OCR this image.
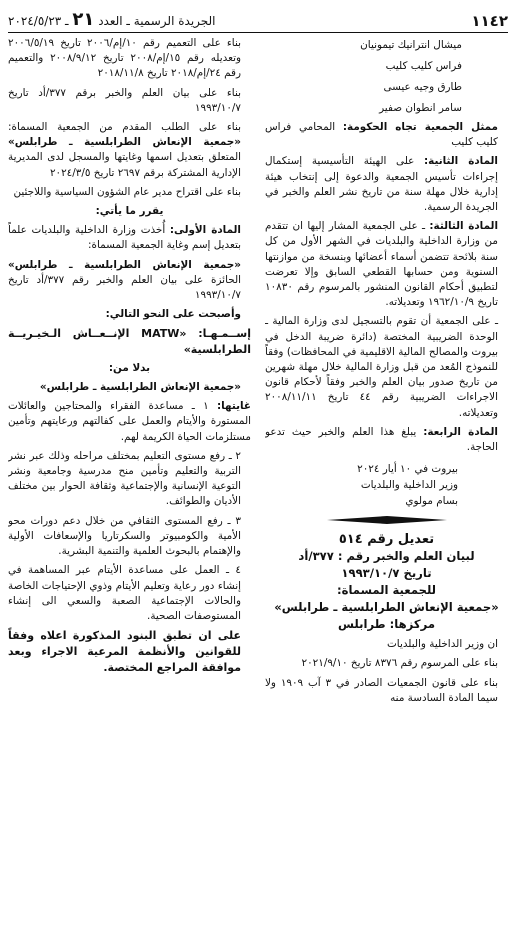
١١٤٢
الجريدة الرسمية ـ العدد ٢١ ـ ٢٠٢٤/٥/٢٣

ميشال انترانيك تيمونيان

فراس كليب كليب

طارق وجيه عيسى

سامر انطوان صفير

ممثل الجمعية تجاه الحكومة: المحامي فراس كليب كليب

المادة الثانية: على الهيئة التأسيسية إستكمال إجراءات تأسيس الجمعية والدعوة إلى إنتخاب هيئة إدارية خلال مهلة سنة من تاريخ نشر العلم والخبر في الجريدة الرسمية.

المادة الثالثة: ـ على الجمعية المشار إليها ان تتقدم من وزارة الداخلية والبلديات في الشهر الأول من كل سنة بلائحة تتضمن أسماء أعضائها وبنسخة من موازنتها السنوية ومن حسابها القطعي السابق وإلا تعرضت لتطبيق أحكام القانون المنشور بالمرسوم رقم ١٠٨٣٠ تاريخ ١٩٦٢/١٠/٩ وتعديلاته.

ـ على الجمعية أن تقوم بالتسجيل لدى وزارة المالية ـ الوحدة الضريبية المختصة (دائرة ضريبة الدخل في بيروت والمصالح المالية الاقليمية في المحافظات) وفقاً للنموذج المُعد من قبل وزارة المالية خلال مهلة شهرين من تاريخ صدور بيان العلم والخبر وفقاً لأحكام قانون الاجراءات الضريبية رقم ٤٤ تاريخ ٢٠٠٨/١١/١١ وتعديلاته.

المادة الرابعة: يبلغ هذا العلم والخبر حيث تدعو الحاجة.

بيروت في ١٠ أيار ٢٠٢٤
وزير الداخلية والبلديات
بسام مولوي

تعديل رقم ٥١٤

لبيان العلم والخبر رقم : ٣٧٧/أد

تاريخ ١٩٩٣/١٠/٧

للجمعية المسماة:

«جمعية الإنعاش الطرابلسية ـ طرابلس»

مركزها: طرابلس

ان وزير الداخلية والبلديات

بناء على المرسوم رقم ٨٣٧٦ تاريخ ٢٠٢١/٩/١٠

بناء على قانون الجمعيات الصادر في ٣ آب ١٩٠٩ ولا سيما المادة السادسة منه

بناء على التعميم رقم ١٠/إم/٢٠٠٦ تاريخ ٢٠٠٦/٥/١٩ وتعديله رقم ١٥/إم/٢٠٠٨ تاريخ ٢٠٠٨/٩/١٢ والتعميم رقم ٢٤/إم/٢٠١٨ تاريخ ٢٠١٨/١١/٨

بناء على بيان العلم والخبر برقم ٣٧٧/أد تاريخ ١٩٩٣/١٠/٧

بناء على الطلب المقدم من الجمعية المسماة: «جمعية الإنعاش الطرابلسية ـ طرابلس» المتعلق بتعديل اسمها وغايتها والمسجل لدى المديرية الإدارية المشتركة برقم ٢٦٩٧ تاريخ ٢٠٢٤/٣/٥

بناء على اقتراح مدير عام الشؤون السياسية واللاجئين

يقرر ما يأتي:

المادة الأولى: أُخذت وزارة الداخلية والبلديات علماً بتعديل إسم وغاية الجمعية المسماة:

«جمعية الإنعاش الطرابلسية ـ طرابلس» الحائزة على بيان العلم والخبر رقم ٣٧٧/أد تاريخ ١٩٩٣/١٠/٧

وأصبحت على النحو التالي:

إســمـهـا: «MATW الإنــعــاش الـخيـريــة الطرابلسية»

بدلا من:

«جمعية الإنعاش الطرابلسية ـ طرابلس»

غايتها: ١ ـ مساعدة الفقراء والمحتاجين والعائلات المستورة والأيتام والعمل على كفالتهم ورعايتهم وتأمين مستلزمات الحياة الكريمة لهم.

٢ ـ رفع مستوى التعليم بمختلف مراحله وذلك عبر نشر التربية والتعليم وتأمين منح مدرسية وجامعية ونشر التوعية الإنسانية والإجتماعية وثقافة الحوار بين مختلف الأديان والطوائف.

٣ ـ رفع المستوى الثقافي من خلال دعم دورات محو الأمية والكومبيوتر والسكرتاريا والإسعافات الأولية والإهتمام بالبحوث العلمية والتنمية البشرية.

٤ ـ العمل على مساعدة الأيتام عبر المساهمة في إنشاء دور رعاية وتعليم الأيتام وذوي الإحتياجات الخاصة والحالات الإجتماعية الصعبة والسعي الى إنشاء المستوصفات الصحية.

على ان تطبق البنود المذكورة اعلاه وفقاً للقوانين والأنظمة المرعية الاجراء وبعد موافقة المراجع المختصة.
